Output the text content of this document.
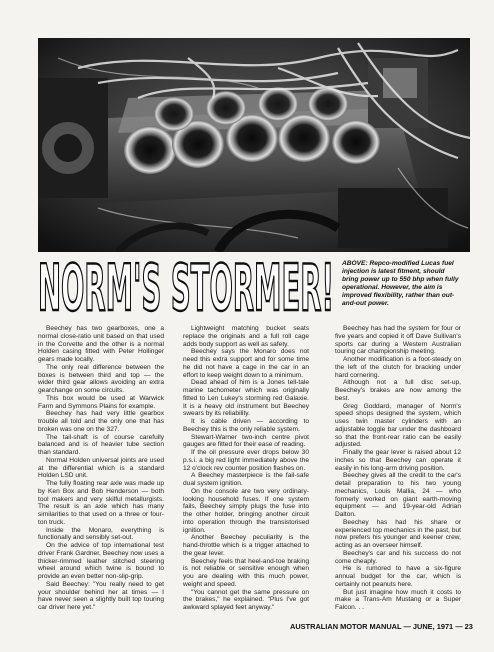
NORM'S STORMER! ABOVE: Repco-modified Lucas fuel injection is latest fitment, should bring power up to 550 bhp when fully operational. However, the aim is improved flexibility, rather than out-and-out power.

Beechey has two gearboxes, one a normal close-ratio unit based on that used in the Corvette and the other is a normal Holden casing fitted with Peter Hollinger gears made locally.

The only real difference between the boxes is between third and top — the wider third gear allows avoiding an extra gearchange on some circuits.

This box would be used at Warwick Farm and Symmons Plains for example.

Beechey has had very little gearbox trouble all told and the only one that has broken was one on the 327.

The tail-shaft is of course carefully balanced and is of heavier tube section than standard.

Normal Holden universal joints are used at the differential which is a standard Holden LSD unit.

The fully floating rear axle was made up by Ken Box and Bob Henderson — both tool makers and very skilful metallurgists. The result is an axle which has many similarities to that used on a three or four-ton truck.

Inside the Monaro, everything is functionally and sensibly set-out.

On the advice of top international test driver Frank Gardner, Beechey now uses a thicker-rimmed leather stitched steering wheel around which twine is bound to provide an even better non-slip-grip.

Said Beechey: "You really need to get your shoulder behind her at times — I have never seen a slightly built top touring car driver here yet."

Lightweight matching bucket seats replace the originals and a full roll cage adds body support as well as safety.

Beechey says the Monaro does not need this extra support and for some time he did not have a cage in the car in an effort to keep weight down to a minimum.

Dead ahead of him is a Jones tell-tale marine tachometer which was originally fitted to Len Lukey's storming red Galaxie. It is a heavy old instrument but Beechey swears by its reliability.

It is cable driven — according to Beechey this is the only reliable system.

Stewart-Warner two-inch centre pivot gauges are fitted for their ease of reading.

If the oil pressure ever drops below 30 p.s.i. a big red light immediately above the 12 o'clock rev counter position flashes on.

A Beechey masterpiece is the fail-safe dual system ignition.

On the console are two very ordinary-looking household fuses. If one system fails, Beechey simply plugs the fuse into the other holder, bringing another circuit into operation through the transistorised ignition.

Another Beechey peculiarity is the hand-throttle which is a trigger attached to the gear lever.

Beechey feels that heel-and-toe braking is not reliable or sensitive enough when you are dealing with this much power, weight and speed.

"You cannot get the same pressure on the brakes," he explained. "Plus I've got awkward splayed feet anyway."

Beechey has had the system for four or five years and copied it off Dave Sullivan's sports car during a Western Australian touring car championship meeting.

Another modification is a foot-steady on the left of the clutch for bracking under hard cornering.

Although not a full disc set-up, Beechey's brakes are now among the best.

Greg Goddard, manager of Norm's speed shops designed the system, which uses twin master cylinders with an adjustable toggle bar under the dashboard so that the front-rear ratio can be easily adjusted.

Finally the gear lever is raised about 12 inches so that Beechey can operate it easily in his long-arm driving position.

Beechey gives all the credit to the car's detail preparation to his two young mechanics, Louis Mallia, 24 — who formerly worked on giant earth-moving equipment — and 19-year-old Adrian Dalton.

Beechey has had his share or experienced top mechanics in the past, but now prefers his younger and keener crew, acting as an overseer himself.

Beechey's car and his success do not come cheaply.

He is rumored to have a six-figure annual budget for the car, which is certainly not peanuts here.

But just imagine how much it costs to make a Trans-Am Mustang or a Super Falcon. . .

AUSTRALIAN MOTOR MANUAL — JUNE, 1971 — 23
